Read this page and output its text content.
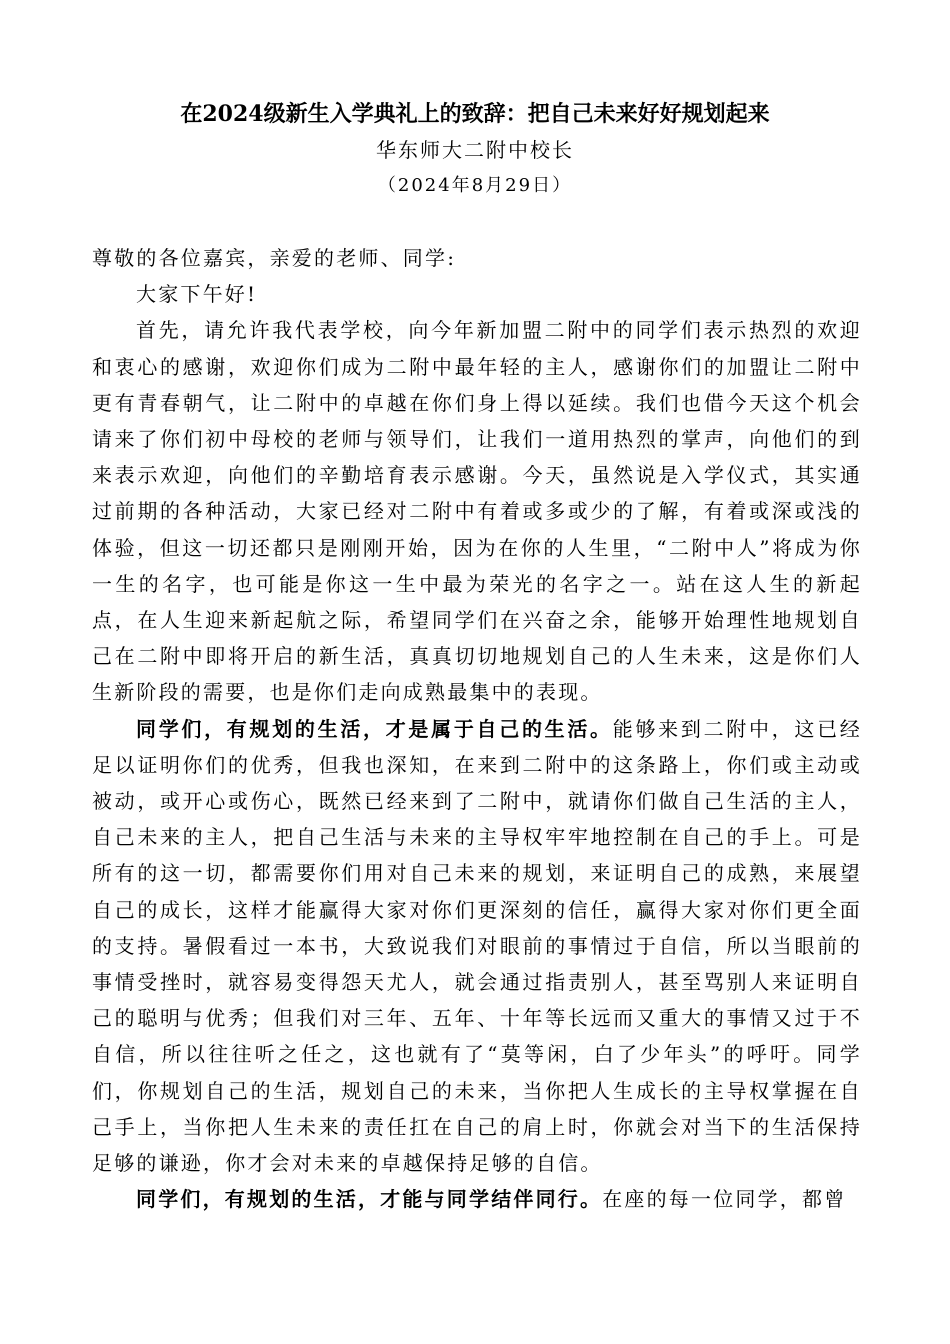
在2024级新生入学典礼上的致辞：把自己未来好好规划起来
华东师大二附中校长
（2024年8月29日）

尊敬的各位嘉宾，亲爱的老师、同学:

大家下午好!

首先，请允许我代表学校，向今年新加盟二附中的同学们表示热烈的欢迎和衷心的感谢，欢迎你们成为二附中最年轻的主人，感谢你们的加盟让二附中更有青春朝气，让二附中的卓越在你们身上得以延续。我们也借今天这个机会请来了你们初中母校的老师与领导们，让我们一道用热烈的掌声，向他们的到来表示欢迎，向他们的辛勤培育表示感谢。今天，虽然说是入学仪式，其实通过前期的各种活动，大家已经对二附中有着或多或少的了解，有着或深或浅的体验，但这一切还都只是刚刚开始，因为在你的人生里，“二附中人”将成为你一生的名字，也可能是你这一生中最为荣光的名字之一。站在这人生的新起点，在人生迎来新起航之际，希望同学们在兴奋之余，能够开始理性地规划自己在二附中即将开启的新生活，真真切切地规划自己的人生未来，这是你们人生新阶段的需要，也是你们走向成熟最集中的表现。

同学们，有规划的生活，才是属于自己的生活。能够来到二附中，这已经足以证明你们的优秀，但我也深知，在来到二附中的这条路上，你们或主动或被动，或开心或伤心，既然已经来到了二附中，就请你们做自己生活的主人，自己未来的主人，把自己生活与未来的主导权牢牢地控制在自己的手上。可是所有的这一切，都需要你们用对自己未来的规划，来证明自己的成熟，来展望自己的成长，这样才能赢得大家对你们更深刻的信任，赢得大家对你们更全面的支持。暑假看过一本书，大致说我们对眼前的事情过于自信，所以当眼前的事情受挫时，就容易变得怨天尤人，就会通过指责别人，甚至骂别人来证明自己的聪明与优秀；但我们对三年、五年、十年等长远而又重大的事情又过于不自信，所以往往听之任之，这也就有了“莫等闲，白了少年头”的呼吁。同学们，你规划自己的生活，规划自己的未来，当你把人生成长的主导权掌握在自己手上，当你把人生未来的责任扛在自己的肩上时，你就会对当下的生活保持足够的谦逊，你才会对未来的卓越保持足够的自信。

同学们，有规划的生活，才能与同学结伴同行。在座的每一位同学，都曾
